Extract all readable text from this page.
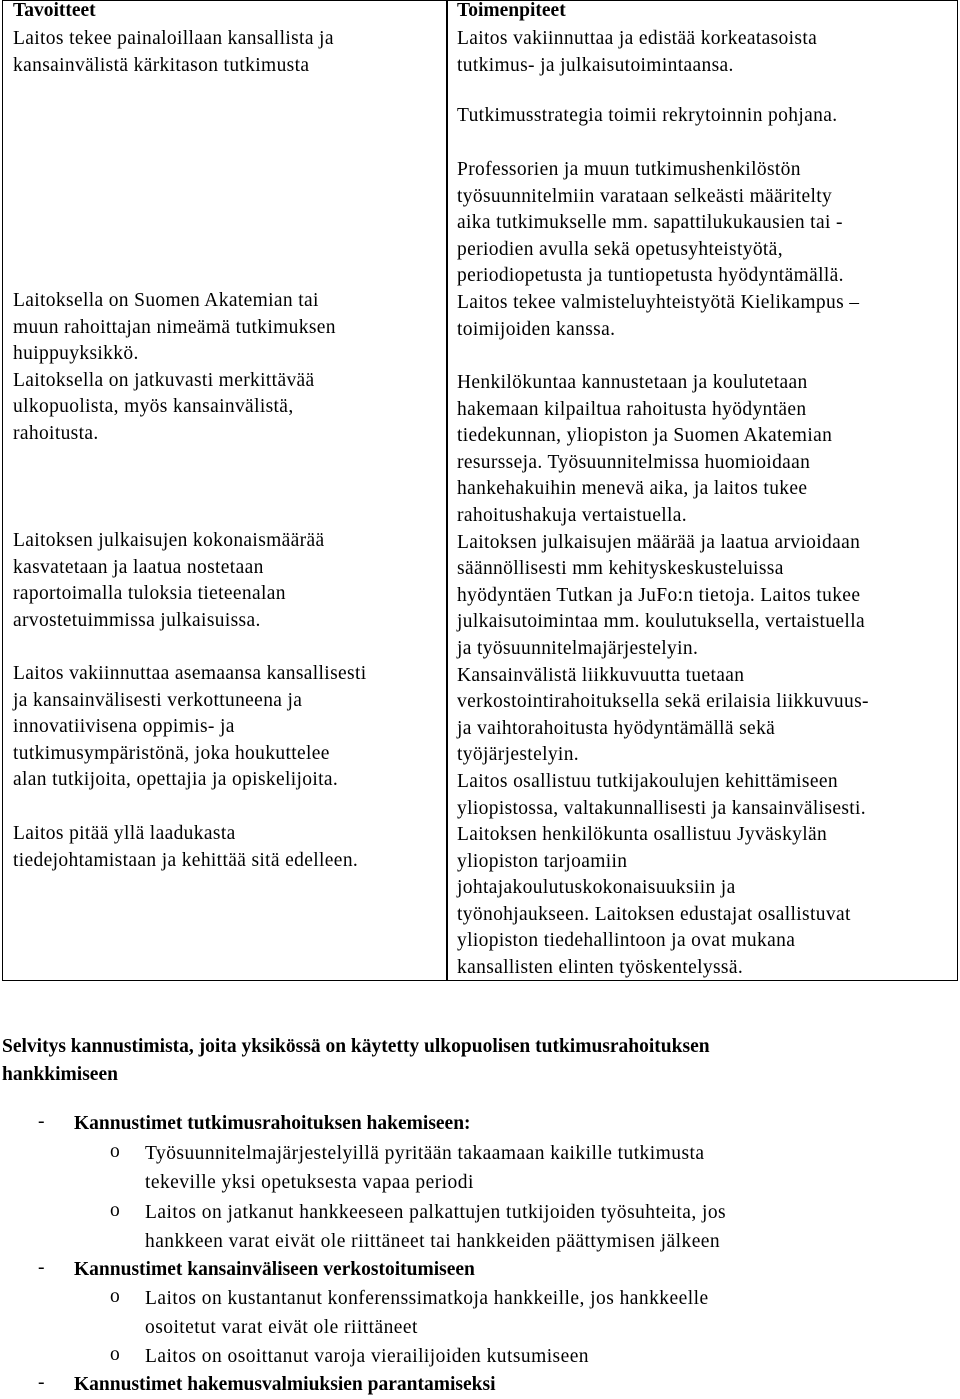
Tavoitteet	Toimenpiteet
Laitos tekee painaloillaan kansallista ja
kansainvälistä kärkitason tutkimusta
Laitoksella on Suomen Akatemian tai
muun rahoittajan nimeämä tutkimuksen
huippuyksikkö.
Laitoksella on jatkuvasti merkittävää
ulkopuolista, myös kansainvälistä,
rahoitusta.
Laitoksen julkaisujen kokonaismäärää
kasvatetaan ja laatua nostetaan
raportoimalla tuloksia tieteenalan
arvostetuimmissa julkaisuissa.
Laitos vakiinnuttaa asemaansa kansallisesti
ja kansainvälisesti verkottuneena ja
innovatiivisena oppimis- ja
tutkimusympäristönä, joka houkuttelee
alan tutkijoita, opettajia ja opiskelijoita.
Laitos pitää yllä laadukasta
tiedejohtamistaan ja kehittää sitä edelleen.
Laitos vakiinnuttaa ja edistää korkeatasoista
tutkimus- ja julkaisutoimintaansa.
Tutkimusstrategia toimii rekrytoinnin pohjana.
Professorien ja muun tutkimushenkilöstön
työsuunnitelmiin varataan selkeästi määritelty
aika tutkimukselle mm. sapattilukukausien tai -
periodien avulla sekä opetusyhteistyötä,
periodiopetusta ja tuntiopetusta hyödyntämällä.
Laitos tekee valmisteluyhteistyötä Kielikampus –
toimijoiden kanssa.
Henkilökuntaa kannustetaan ja koulutetaan
hakemaan kilpailtua rahoitusta hyödyntäen
tiedekunnan, yliopiston ja Suomen Akatemian
resursseja. Työsuunnitelmissa huomioidaan
hankehakuihin menevä aika, ja laitos tukee
rahoitushakuja vertaistuella.
Laitoksen julkaisujen määrää ja laatua arvioidaan
säännöllisesti mm kehityskeskusteluissa
hyödyntäen Tutkan ja JuFo:n tietoja. Laitos tukee
julkaisutoimintaa mm. koulutuksella, vertaistuella
ja työsuunnitelmajärjestelyin.
Kansainvälistä liikkuvuutta tuetaan
verkostointirahoituksella sekä erilaisia liikkuvuus-
ja vaihtorahoitusta hyödyntämällä sekä
työjärjestelyin.
Laitos osallistuu tutkijakoulujen kehittämiseen
yliopistossa, valtakunnallisesti ja kansainvälisesti.
Laitoksen henkilökunta osallistuu Jyväskylän
yliopiston tarjoamiin
johtajakoulutuskokonaisuuksiin ja
työnohjaukseen. Laitoksen edustajat osallistuvat
yliopiston tiedehallintoon ja ovat mukana
kansallisten elinten työskentelyssä.
Selvitys kannustimista, joita yksikössä on käytetty ulkopuolisen tutkimusrahoituksen
hankkimiseen
- Kannustimet tutkimusrahoituksen hakemiseen:
o Työsuunnitelmajärjestelyillä pyritään takaamaan kaikille tutkimusta
tekeville yksi opetuksesta vapaa periodi
o Laitos on jatkanut hankkeeseen palkattujen tutkijoiden työsuhteita, jos
hankkeen varat eivät ole riittäneet tai hankkeiden päättymisen jälkeen
- Kannustimet kansainväliseen verkostoitumiseen
o Laitos on kustantanut konferenssimatkoja hankkeille, jos hankkeelle
osoitetut varat eivät ole riittäneet
o Laitos on osoittanut varoja vierailijoiden kutsumiseen
- Kannustimet hakemusvalmiuksien parantamiseksi
